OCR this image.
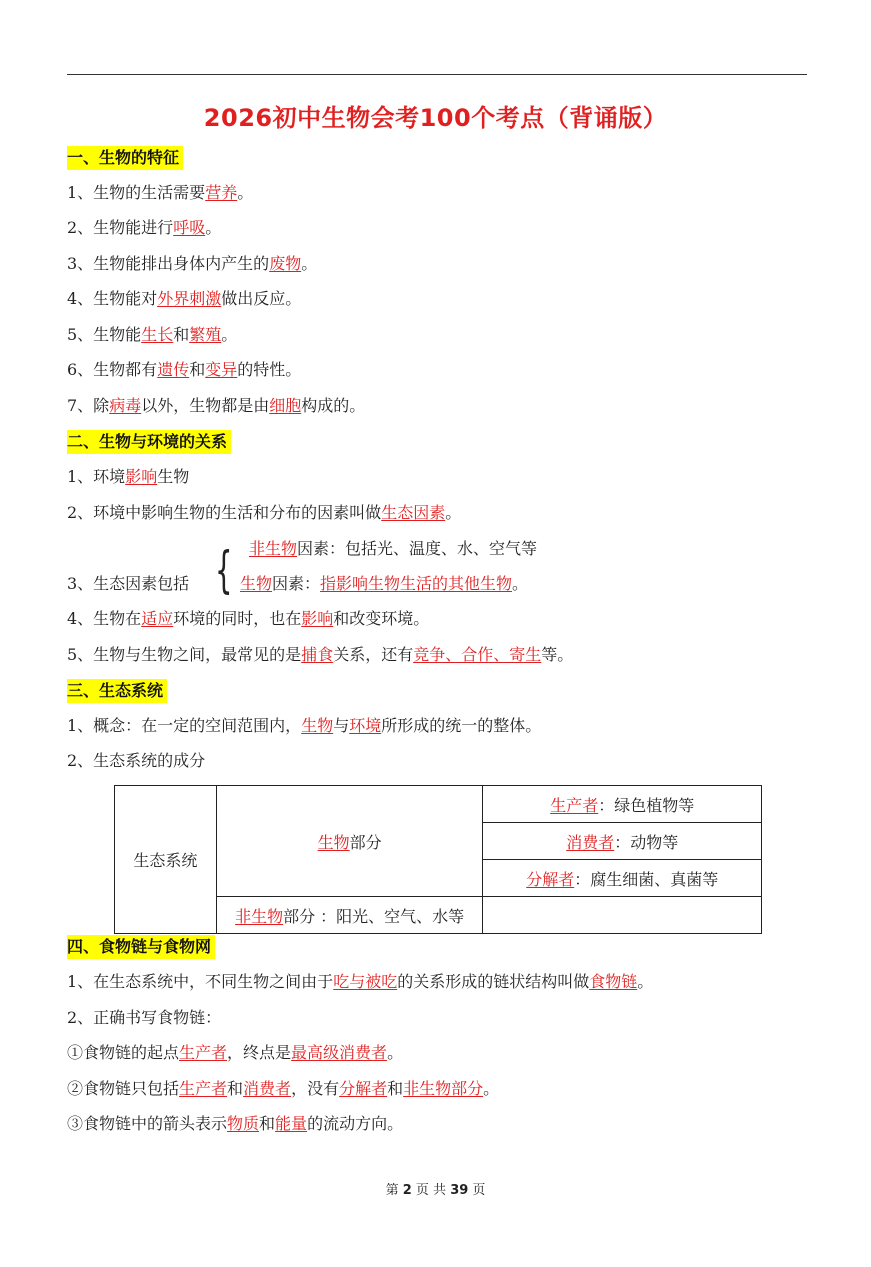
2026初中生物会考100个考点（背诵版）
一、生物的特征
1、生物的生活需要营养。
2、生物能进行呼吸。
3、生物能排出身体内产生的废物。
4、生物能对外界刺激做出反应。
5、生物能生长和繁殖。
6、生物都有遗传和变异的特性。
7、除病毒以外，生物都是由细胞构成的。
二、生物与环境的关系
1、环境影响生物
2、环境中影响生物的生活和分布的因素叫做生态因素。
3、生态因素包括 { 非生物因素：包括光、温度、水、空气等
生物因素：指影响生物生活的其他生物。
4、生物在适应环境的同时，也在影响和改变环境。
5、生物与生物之间，最常见的是捕食关系，还有竞争、合作、寄生等。
三、生态系统
1、概念：在一定的空间范围内，生物与环境所形成的统一的整体。
2、生态系统的成分
生态系统	生物部分	生产者：绿色植物等
		消费者：动物等
		分解者：腐生细菌、真菌等
	非生物部分 ：阳光、空气、水等	
四、食物链与食物网
1、在生态系统中，不同生物之间由于吃与被吃的关系形成的链状结构叫做食物链。
2、正确书写食物链：
①食物链的起点生产者，终点是最高级消费者。
②食物链只包括生产者和消费者，没有分解者和非生物部分。
③食物链中的箭头表示物质和能量的流动方向。
第 2 页 共 39 页
